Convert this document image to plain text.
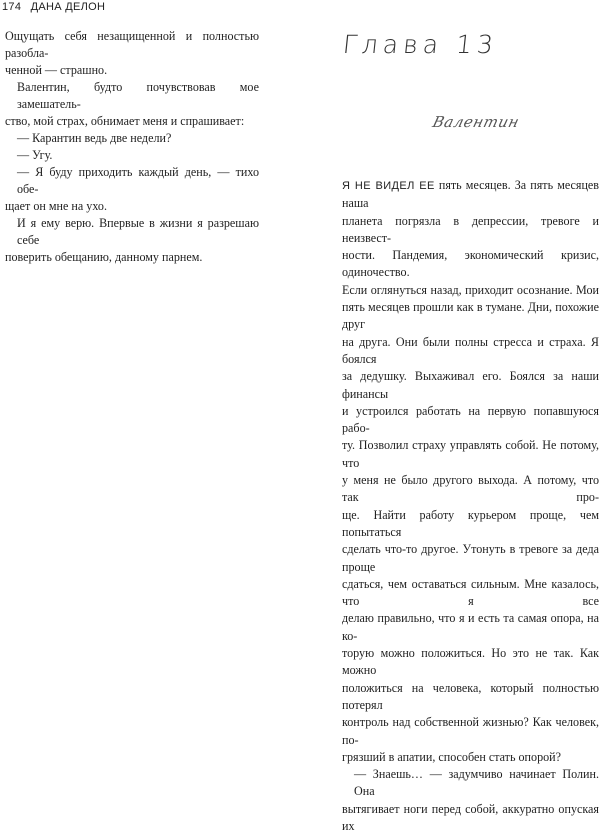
174 ДАНА ДЕЛОН
Ощущать себя незащищенной и полностью разобла-
ченной — страшно.
Валентин, будто почувствовав мое замешатель-
ство, мой страх, обнимает меня и спрашивает:
— Карантин ведь две недели?
— Угу.
— Я буду приходить каждый день, — тихо обе-
щает он мне на ухо.
И я ему верю. Впервые в жизни я разрешаю себе
поверить обещанию, данному парнем.
Глава 13
Валентин
Я НЕ ВИДЕЛ ЕЕ пять месяцев. За пять месяцев наша
планета погрязла в депрессии, тревоге и неизвест-
ности. Пандемия, экономический кризис, одиночество.
Если оглянуться назад, приходит осознание. Мои
пять месяцев прошли как в тумане. Дни, похожие друг
на друга. Они были полны стресса и страха. Я боялся
за дедушку. Выхаживал его. Боялся за наши финансы
и устроился работать на первую попавшуюся рабо-
ту. Позволил страху управлять собой. Не потому, что
у меня не было другого выхода. А потому, что так про-
ще. Найти работу курьером проще, чем попытаться
сделать что-то другое. Утонуть в тревоге за деда проще
сдаться, чем оставаться сильным. Мне казалось, что я все
делаю правильно, что я и есть та самая опора, на ко-
торую можно положиться. Но это не так. Как можно
положиться на человека, который полностью потерял
контроль над собственной жизнью? Как человек, по-
грязший в апатии, способен стать опорой?
— Знаешь… — задумчиво начинает Полин. Она
вытягивает ноги перед собой, аккуратно опуская их
